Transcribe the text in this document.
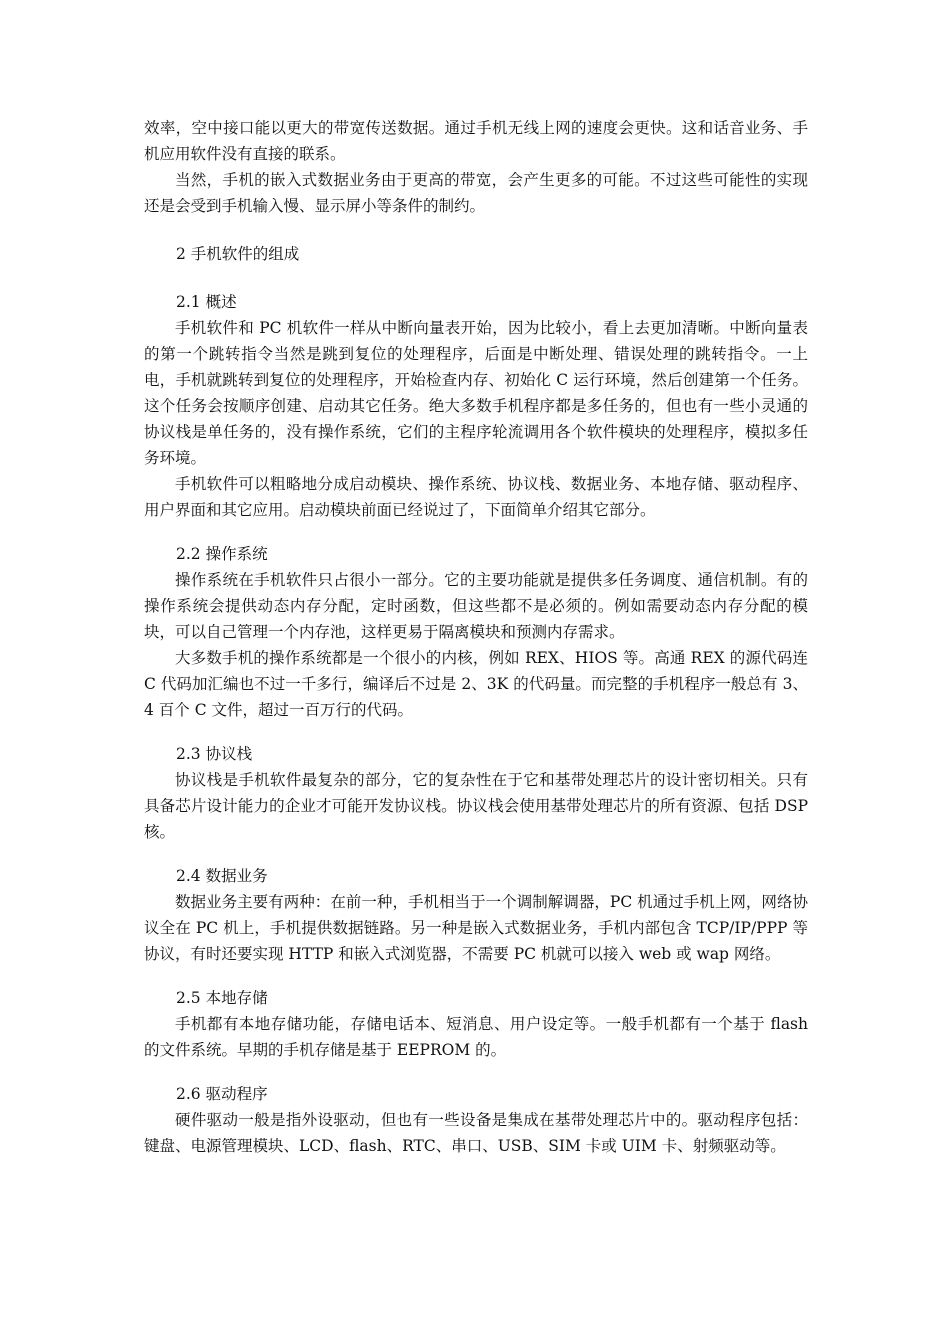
效率，空中接口能以更大的带宽传送数据。通过手机无线上网的速度会更快。这和话音业务、手机应用软件没有直接的联系。

当然，手机的嵌入式数据业务由于更高的带宽，会产生更多的可能。不过这些可能性的实现还是会受到手机输入慢、显示屏小等条件的制约。

2 手机软件的组成

2.1 概述

手机软件和 PC 机软件一样从中断向量表开始，因为比较小，看上去更加清晰。中断向量表的第一个跳转指令当然是跳到复位的处理程序，后面是中断处理、错误处理的跳转指令。一上电，手机就跳转到复位的处理程序，开始检查内存、初始化 C 运行环境，然后创建第一个任务。这个任务会按顺序创建、启动其它任务。绝大多数手机程序都是多任务的，但也有一些小灵通的协议栈是单任务的，没有操作系统，它们的主程序轮流调用各个软件模块的处理程序，模拟多任务环境。

手机软件可以粗略地分成启动模块、操作系统、协议栈、数据业务、本地存储、驱动程序、用户界面和其它应用。启动模块前面已经说过了，下面简单介绍其它部分。

2.2 操作系统

操作系统在手机软件只占很小一部分。它的主要功能就是提供多任务调度、通信机制。有的操作系统会提供动态内存分配，定时函数，但这些都不是必须的。例如需要动态内存分配的模块，可以自己管理一个内存池，这样更易于隔离模块和预测内存需求。

大多数手机的操作系统都是一个很小的内核，例如 REX、HIOS 等。高通 REX 的源代码连 C 代码加汇编也不过一千多行，编译后不过是 2、3K 的代码量。而完整的手机程序一般总有 3、4 百个 C 文件，超过一百万行的代码。

2.3 协议栈

协议栈是手机软件最复杂的部分，它的复杂性在于它和基带处理芯片的设计密切相关。只有具备芯片设计能力的企业才可能开发协议栈。协议栈会使用基带处理芯片的所有资源、包括 DSP 核。

2.4 数据业务

数据业务主要有两种：在前一种，手机相当于一个调制解调器，PC 机通过手机上网，网络协议全在 PC 机上，手机提供数据链路。另一种是嵌入式数据业务，手机内部包含 TCP/IP/PPP 等协议，有时还要实现 HTTP 和嵌入式浏览器，不需要 PC 机就可以接入 web 或 wap 网络。

2.5 本地存储

手机都有本地存储功能，存储电话本、短消息、用户设定等。一般手机都有一个基于 flash 的文件系统。早期的手机存储是基于 EEPROM 的。

2.6 驱动程序

硬件驱动一般是指外设驱动，但也有一些设备是集成在基带处理芯片中的。驱动程序包括：键盘、电源管理模块、LCD、flash、RTC、串口、USB、SIM 卡或 UIM 卡、射频驱动等。
